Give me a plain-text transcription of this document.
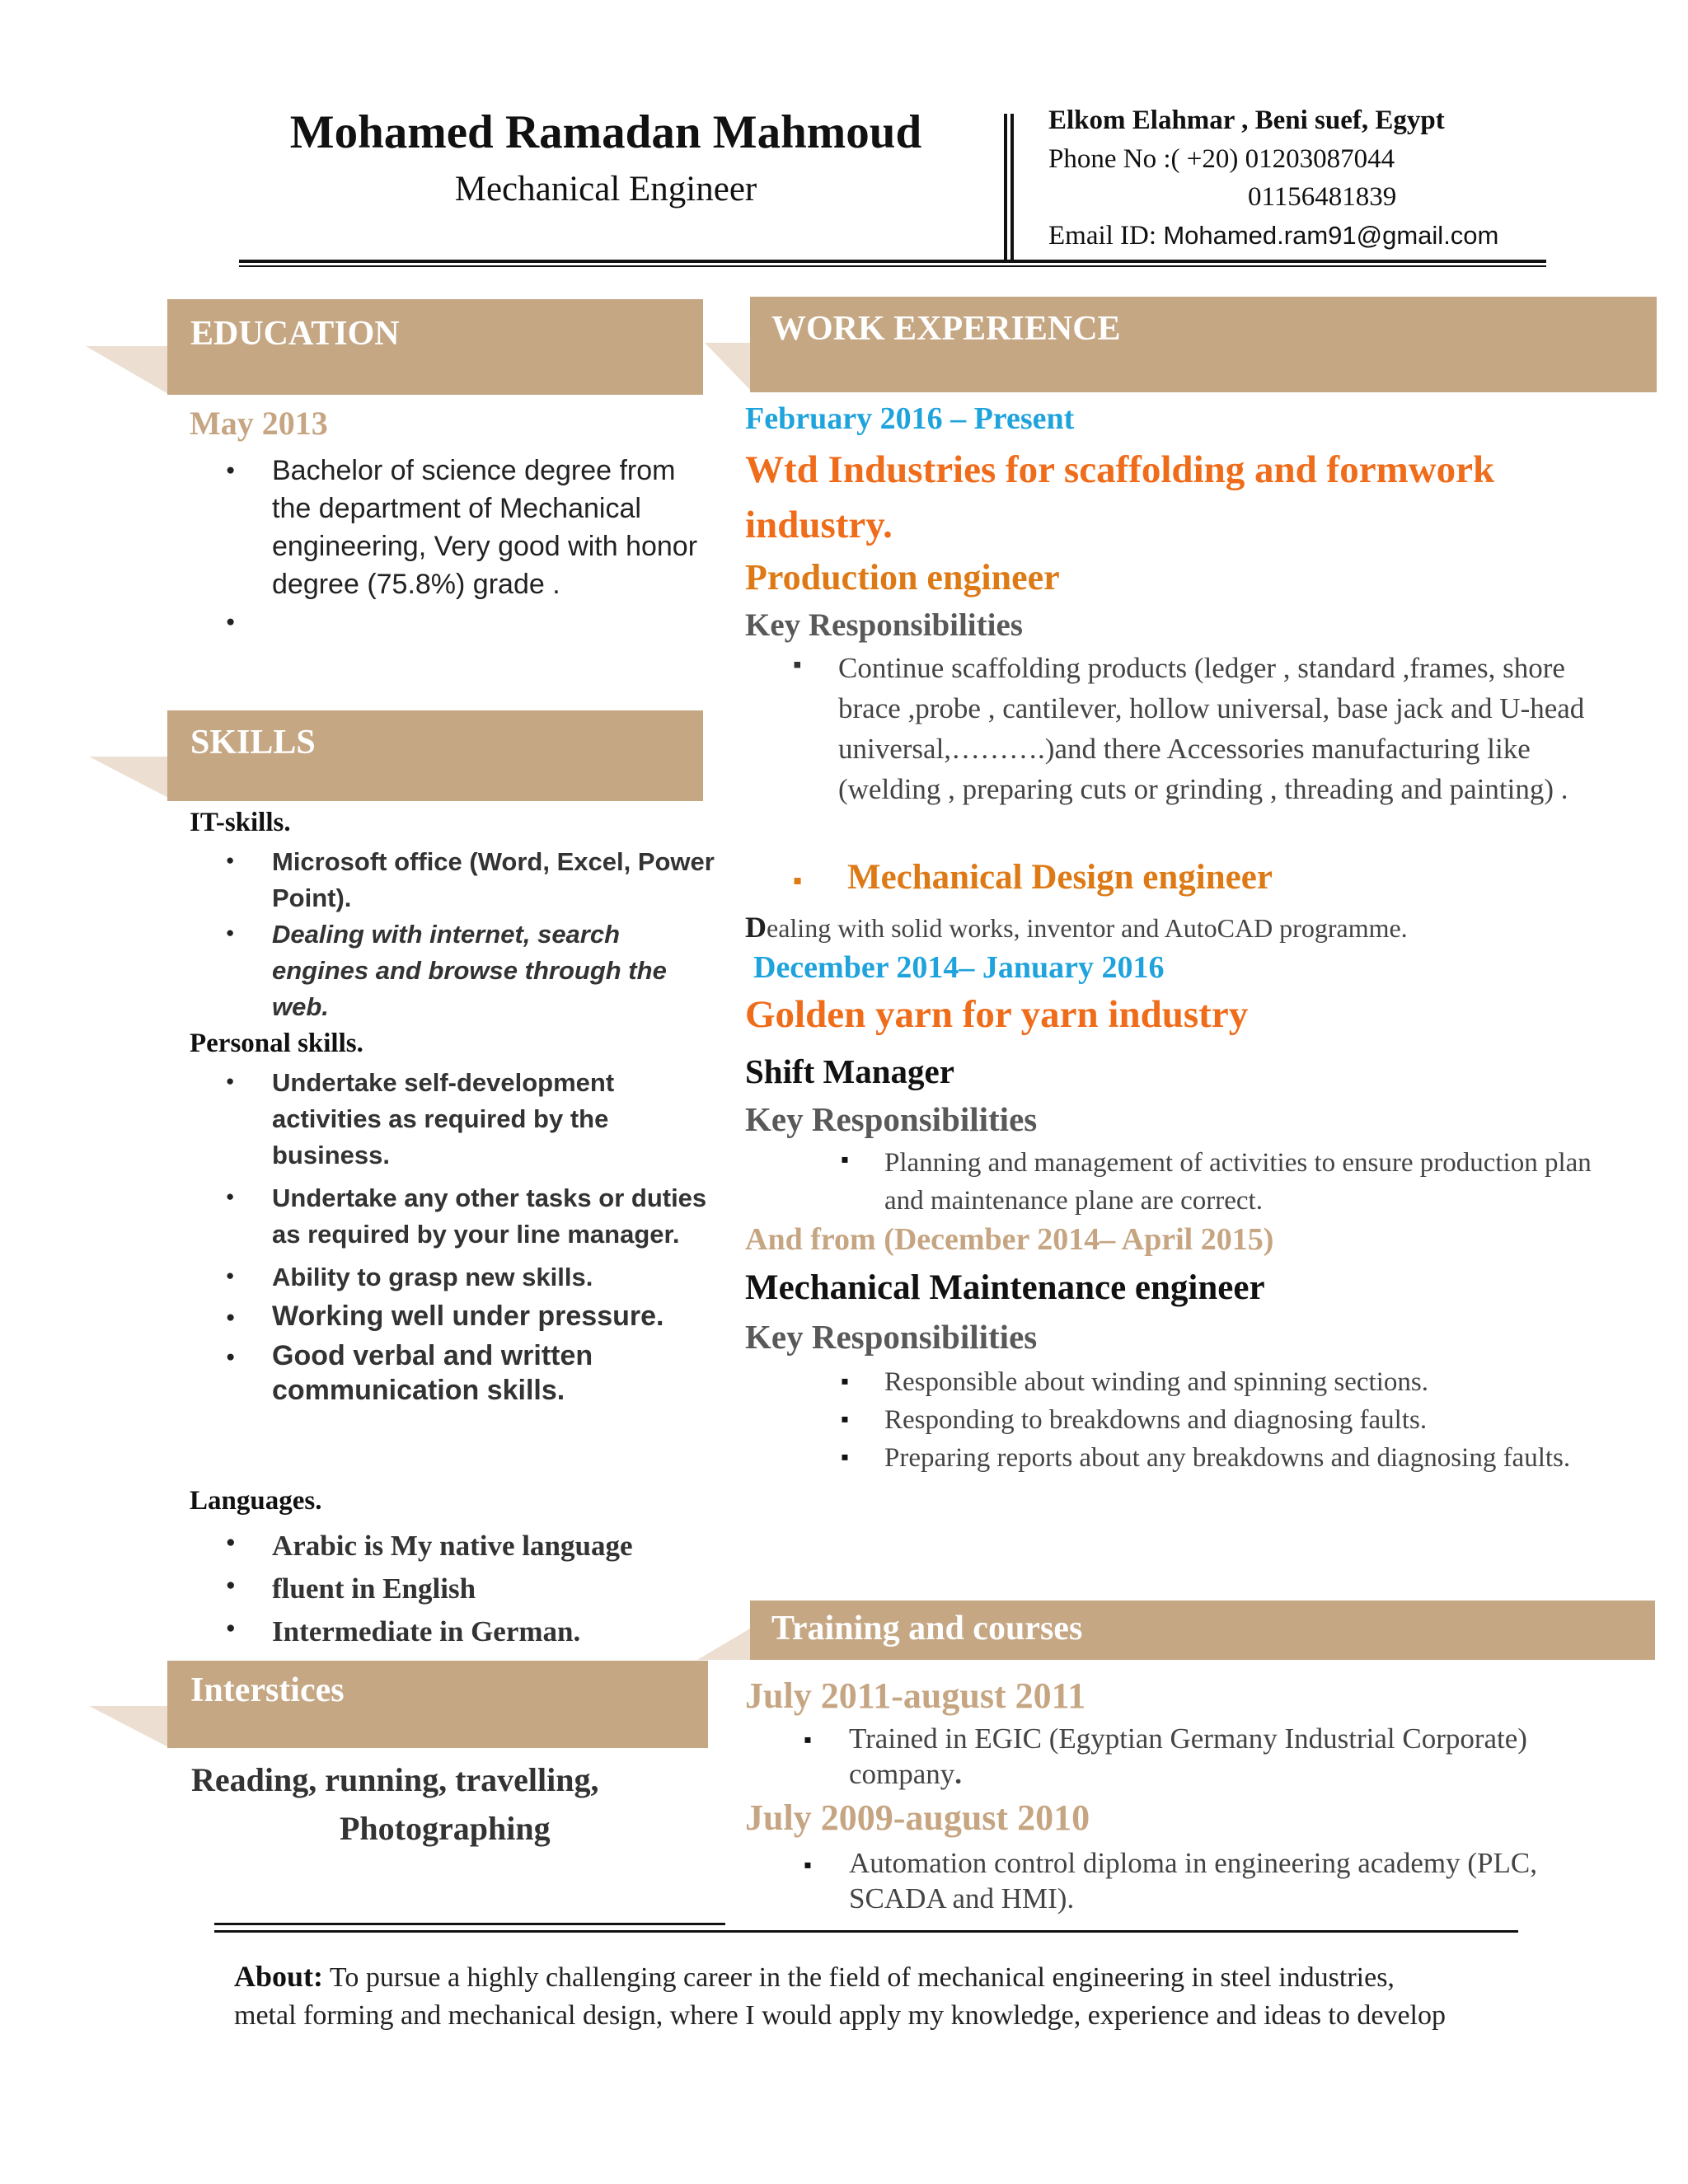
Mohamed Ramadan Mahmoud
Mechanical Engineer
Elkom Elahmar , Beni suef, Egypt
Phone No :( +20) 01203087044
01156481839
Email ID: Mohamed.ram91@gmail.com
EDUCATION
May 2013
● Bachelor of science degree from the department of Mechanical engineering, Very good with honor degree (75.8%) grade .
●
SKILLS
IT-skills.
● Microsoft office (Word, Excel, Power Point).
● Dealing with internet, search engines and browse through the web.
Personal skills.
● Undertake self-development activities as required by the business.
● Undertake any other tasks or duties as required by your line manager.
● Ability to grasp new skills.
● Working well under pressure.
● Good verbal and written communication skills.
Languages.
● Arabic is My native language
● fluent in English
● Intermediate in German.
Interstices
Reading, running, travelling,
Photographing
WORK EXPERIENCE
February 2016 – Present
Wtd Industries for scaffolding and formwork industry.
Production engineer
Key Responsibilities
▪ Continue scaffolding products (ledger , standard ,frames, shore brace ,probe , cantilever, hollow universal, base jack and U-head universal,……….)and there Accessories manufacturing like (welding , preparing cuts or grinding , threading and painting) .
▪ Mechanical Design engineer
Dealing with solid works, inventor and AutoCAD programme.
December 2014– January 2016
Golden yarn for yarn industry
Shift Manager
Key Responsibilities
▪ Planning and management of activities to ensure production plan and maintenance plane are correct.
And from (December 2014– April 2015)
Mechanical Maintenance engineer
Key Responsibilities
▪ Responsible about winding and spinning sections.
▪ Responding to breakdowns and diagnosing faults.
▪ Preparing reports about any breakdowns and diagnosing faults.
Training and courses
July 2011-august 2011
▪ Trained in EGIC (Egyptian Germany Industrial Corporate)
company.
July 2009-august 2010
▪ Automation control diploma in engineering academy (PLC,
SCADA and HMI).
About: To pursue a highly challenging career in the field of mechanical engineering in steel industries,
metal forming and mechanical design, where I would apply my knowledge, experience and ideas to develop
